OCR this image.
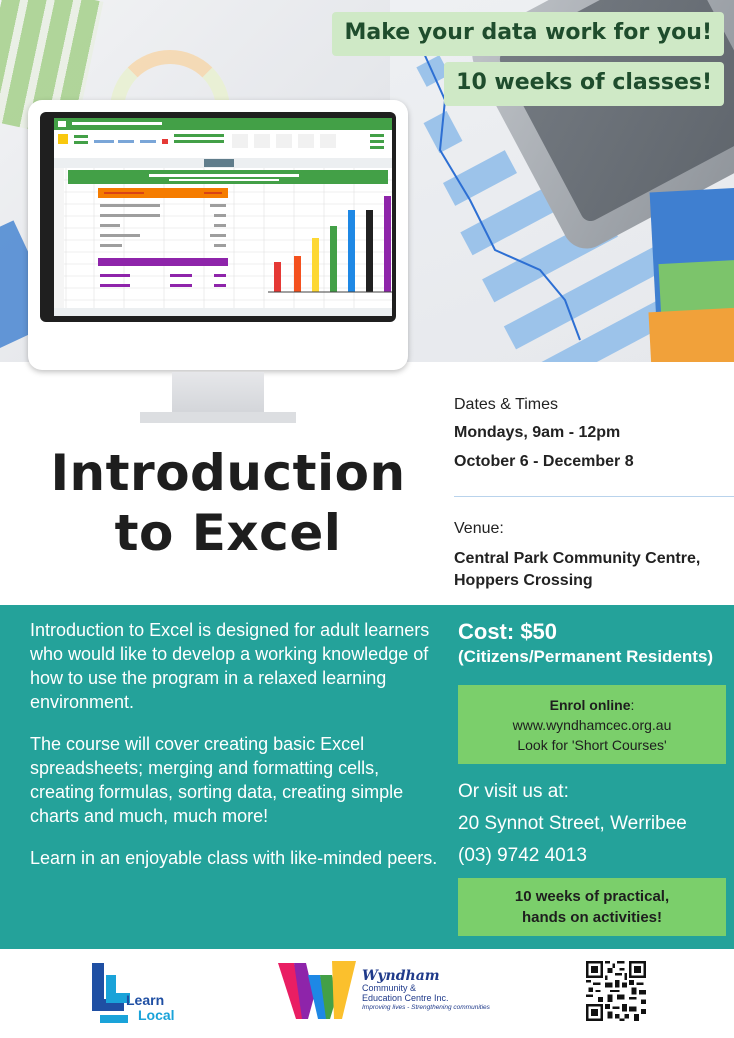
Make your data work for you!
10 weeks of classes!
Introduction
to Excel
Dates & Times
Mondays, 9am - 12pm
October 6 - December 8
Venue:
Central Park Community Centre,
Hoppers Crossing

Introduction to Excel is designed for adult learners who would like to develop a working knowledge of how to use the program in a relaxed learning environment.

The course will cover creating basic Excel spreadsheets; merging and formatting cells, creating formulas, sorting data, creating simple charts and much, much more!

Learn in an enjoyable class with like-minded peers.

Cost: $50
(Citizens/Permanent Residents)
Enrol online:
www.wyndhamcec.org.au
Look for 'Short Courses'
Or visit us at:
20 Synnot Street, Werribee
(03) 9742 4013
10 weeks of practical,
hands on activities!
Learn
Local
Wyndham
Community &
Education Centre Inc.
Improving lives - Strengthening communities
